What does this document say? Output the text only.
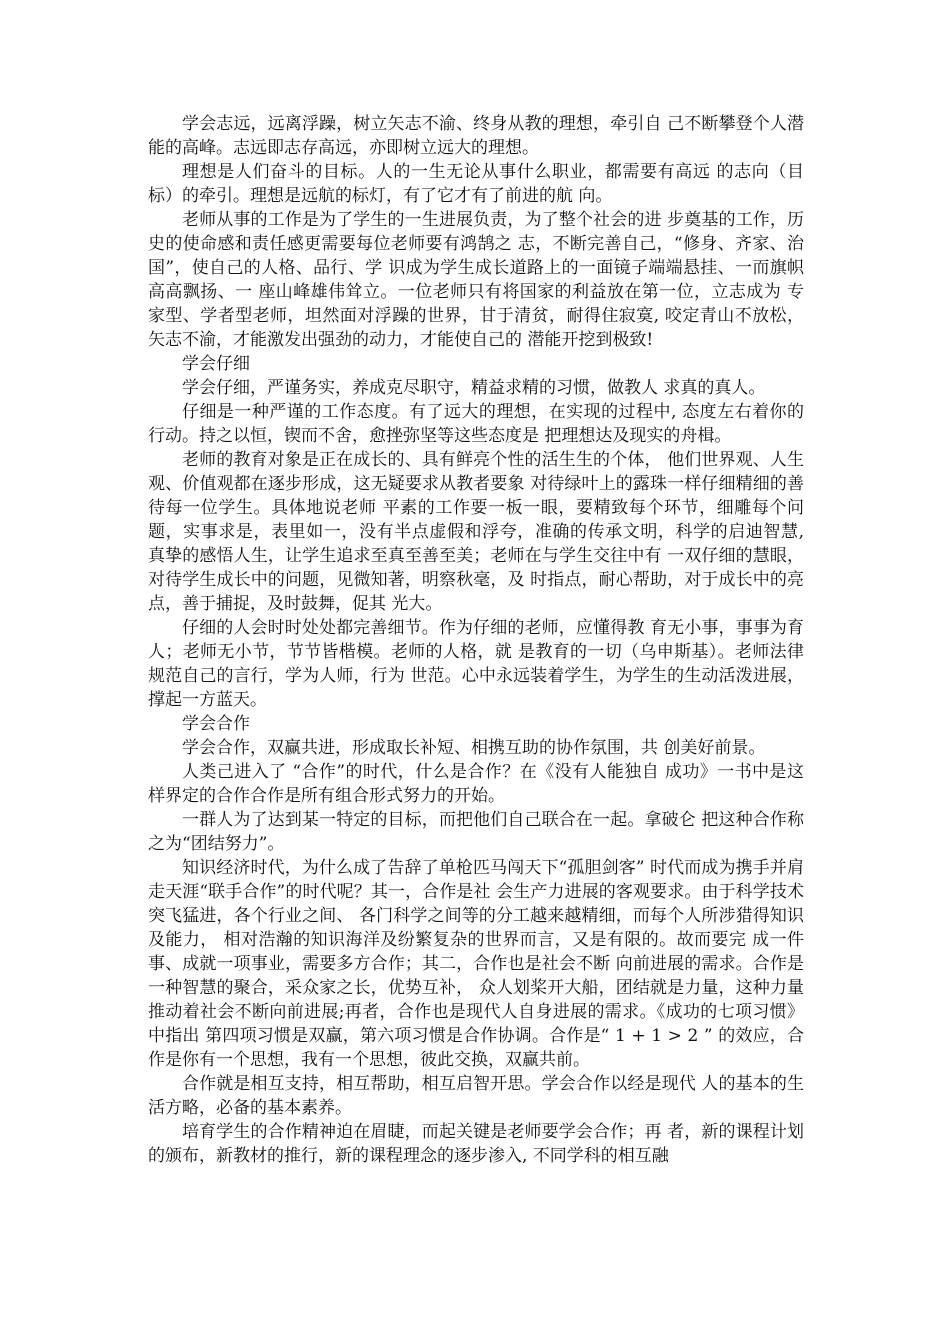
学会志远，远离浮躁，树立矢志不渝、终身从教的理想，牵引自 己不断攀登个人潜能的高峰。志远即志存高远，亦即树立远大的理想。

理想是人们奋斗的目标。人的一生无论从事什么职业，都需要有高远 的志向（目标）的牵引。理想是远航的标灯，有了它才有了前进的航 向。

老师从事的工作是为了学生的一生进展负责，为了整个社会的进 步奠基的工作，历史的使命感和责任感更需要每位老师要有鸿鹄之 志，不断完善自己，“修身、齐家、治国”，使自己的人格、品行、学 识成为学生成长道路上的一面镜子端端悬挂、一而旗帜高高飘扬、一 座山峰雄伟耸立。一位老师只有将国家的利益放在第一位，立志成为 专家型、学者型老师，坦然面对浮躁的世界，甘于清贫，耐得住寂寞, 咬定青山不放松，矢志不渝，才能激发出强劲的动力，才能使自己的 潜能开挖到极致!

学会仔细

学会仔细，严谨务实，养成克尽职守，精益求精的习惯，做教人 求真的真人。

仔细是一种严谨的工作态度。有了远大的理想，在实现的过程中, 态度左右着你的行动。持之以恒，锲而不舍，愈挫弥坚等这些态度是 把理想达及现实的舟楫。

老师的教育对象是正在成长的、具有鲜亮个性的活生生的个体， 他们世界观、人生观、价值观都在逐步形成，这无疑要求从教者要象 对待绿叶上的露珠一样仔细精细的善待每一位学生。具体地说老师 平素的工作要一板一眼，要精致每个环节，细雕每个问题，实事求是，表里如一，没有半点虚假和浮夸，准确的传承文明，科学的启迪智慧, 真挚的感悟人生，让学生追求至真至善至美；老师在与学生交往中有 一双仔细的慧眼，对待学生成长中的问题，见微知著，明察秋毫，及 时指点，耐心帮助，对于成长中的亮点，善于捕捉，及时鼓舞，促其 光大。

仔细的人会时时处处都完善细节。作为仔细的老师，应懂得教 育无小事，事事为育人；老师无小节，节节皆楷模。老师的人格，就 是教育的一切（乌申斯基）。老师法律规范自己的言行，学为人师，行为 世范。心中永远装着学生，为学生的生动活泼进展，撑起一方蓝天。

学会合作

学会合作，双赢共进，形成取长补短、相携互助的协作氛围，共 创美好前景。

人类己进入了 “合作”的时代，什么是合作？在《没有人能独自 成功》一书中是这样界定的合作合作是所有组合形式努力的开始。

一群人为了达到某一特定的目标，而把他们自己联合在一起。拿破仑 把这种合作称之为“团结努力”。

知识经济时代，为什么成了告辞了单枪匹马闯天下“孤胆剑客” 时代而成为携手并肩走天涯“联手合作”的时代呢？其一，合作是社 会生产力进展的客观要求。由于科学技术突飞猛进，各个行业之间、 各门科学之间等的分工越来越精细，而每个人所涉猎得知识及能力， 相对浩瀚的知识海洋及纷繁复杂的世界而言，又是有限的。故而要完 成一件事、成就一项事业，需要多方合作；其二，合作也是社会不断 向前进展的需求。合作是一种智慧的聚合，采众家之长，优势互补， 众人划桨开大船，团结就是力量，这种力量推动着社会不断向前进展;再者，合作也是现代人自身进展的需求。《成功的七项习惯》中指出 第四项习惯是双赢，第六项习惯是合作协调。合作是“ 1 + 1 > 2 ” 的效应，合作是你有一个思想，我有一个思想，彼此交换，双赢共前。

合作就是相互支持，相互帮助，相互启智开思。学会合作以经是现代 人的基本的生活方略，必备的基本素养。

培育学生的合作精神迫在眉睫，而起关键是老师要学会合作；再 者，新的课程计划的颁布，新教材的推行，新的课程理念的逐步渗入, 不同学科的相互融
